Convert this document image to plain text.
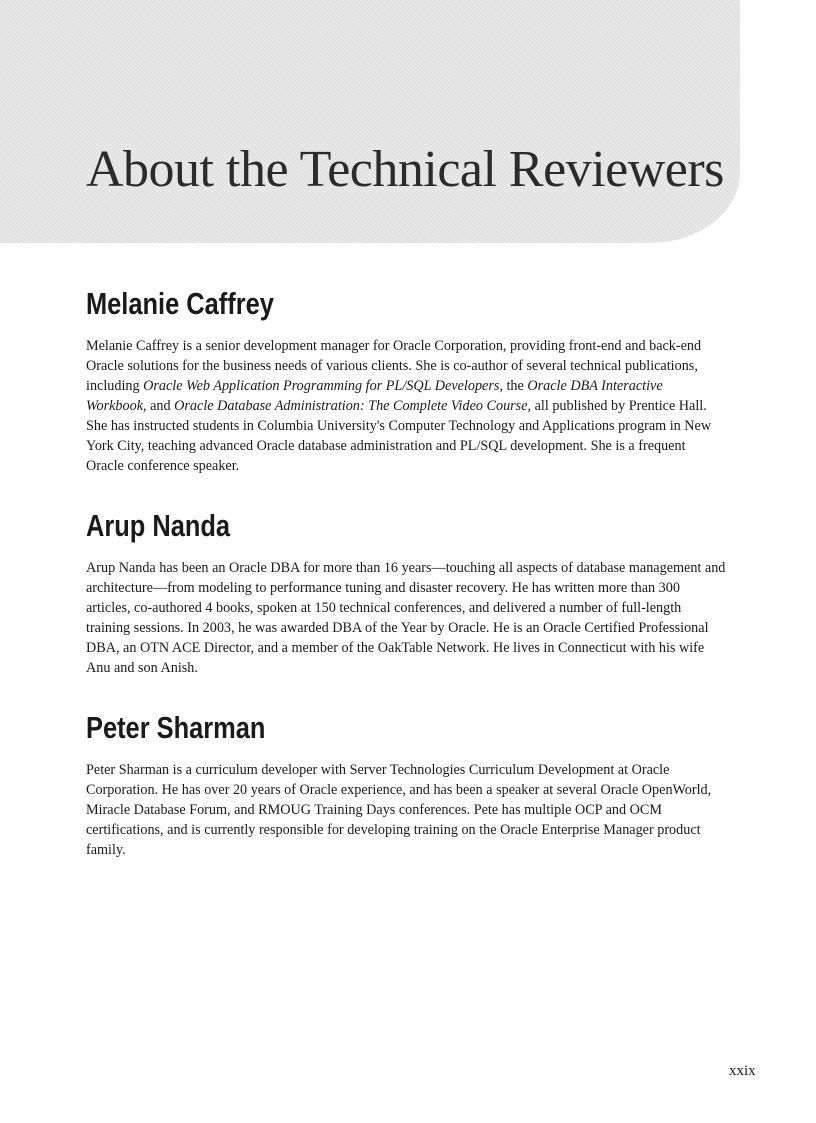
About the Technical Reviewers
Melanie Caffrey

Melanie Caffrey is a senior development manager for Oracle Corporation, providing front-end and back-end Oracle solutions for the business needs of various clients. She is co-author of several technical publications, including Oracle Web Application Programming for PL/SQL Developers, the Oracle DBA Interactive Workbook, and Oracle Database Administration: The Complete Video Course, all published by Prentice Hall. She has instructed students in Columbia University's Computer Technology and Applications program in New York City, teaching advanced Oracle database administration and PL/SQL development. She is a frequent Oracle conference speaker.

Arup Nanda

Arup Nanda has been an Oracle DBA for more than 16 years—touching all aspects of database management and architecture—from modeling to performance tuning and disaster recovery. He has written more than 300 articles, co-authored 4 books, spoken at 150 technical conferences, and delivered a number of full-length training sessions. In 2003, he was awarded DBA of the Year by Oracle. He is an Oracle Certified Professional DBA, an OTN ACE Director, and a member of the OakTable Network. He lives in Connecticut with his wife Anu and son Anish.

Peter Sharman

Peter Sharman is a curriculum developer with Server Technologies Curriculum Development at Oracle Corporation. He has over 20 years of Oracle experience, and has been a speaker at several Oracle OpenWorld, Miracle Database Forum, and RMOUG Training Days conferences. Pete has multiple OCP and OCM certifications, and is currently responsible for developing training on the Oracle Enterprise Manager product family.

xxix
